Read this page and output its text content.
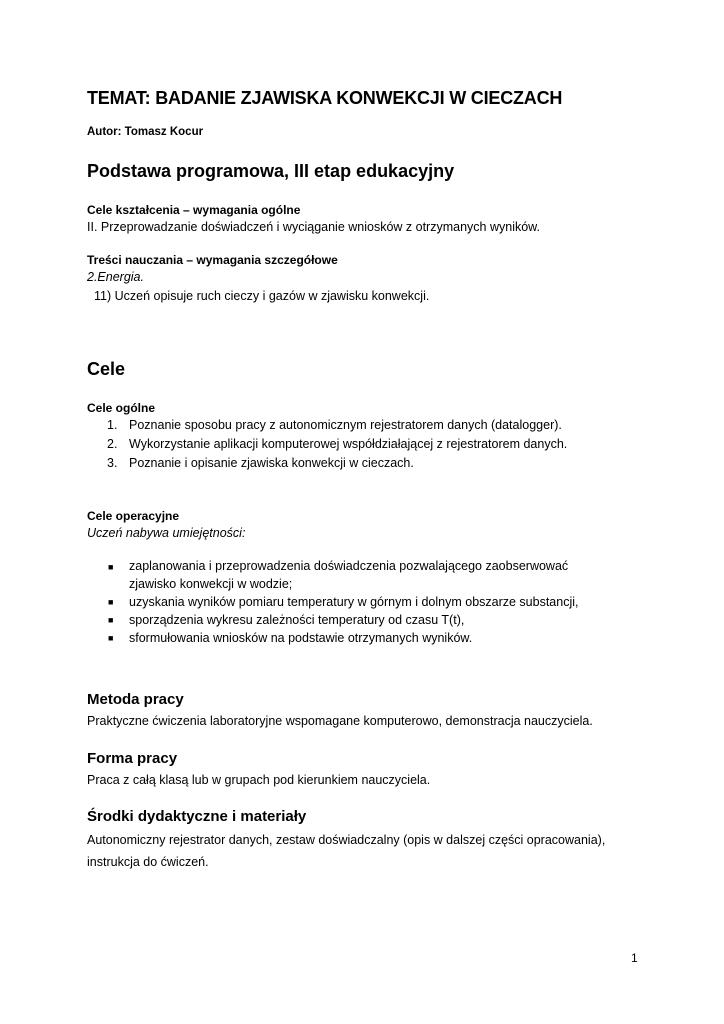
TEMAT: BADANIE ZJAWISKA KONWEKCJI W CIECZACH
Autor: Tomasz Kocur
Podstawa programowa, III etap edukacyjny
Cele kształcenia – wymagania ogólne
II. Przeprowadzanie doświadczeń i wyciąganie wniosków z otrzymanych wyników.
Treści nauczania – wymagania szczegółowe
2.Energia.
11) Uczeń opisuje ruch cieczy i gazów w zjawisku konwekcji.
Cele
Cele ogólne
1. Poznanie sposobu pracy z autonomicznym rejestratorem danych (datalogger).
2. Wykorzystanie aplikacji komputerowej współdziałającej z rejestratorem danych.
3. Poznanie i opisanie zjawiska konwekcji w cieczach.
Cele operacyjne
Uczeń nabywa umiejętności:
■ zaplanowania i przeprowadzenia doświadczenia pozwalającego zaobserwować
zjawisko konwekcji w wodzie;
■ uzyskania wyników pomiaru temperatury w górnym i dolnym obszarze substancji,
■ sporządzenia wykresu zależności temperatury od czasu T(t),
■ sformułowania wniosków na podstawie otrzymanych wyników.
Metoda pracy
Praktyczne ćwiczenia laboratoryjne wspomagane komputerowo, demonstracja nauczyciela.
Forma pracy
Praca z całą klasą lub w grupach pod kierunkiem nauczyciela.
Środki dydaktyczne i materiały
Autonomiczny rejestrator danych, zestaw doświadczalny (opis w dalszej części opracowania),
instrukcja do ćwiczeń.
1
